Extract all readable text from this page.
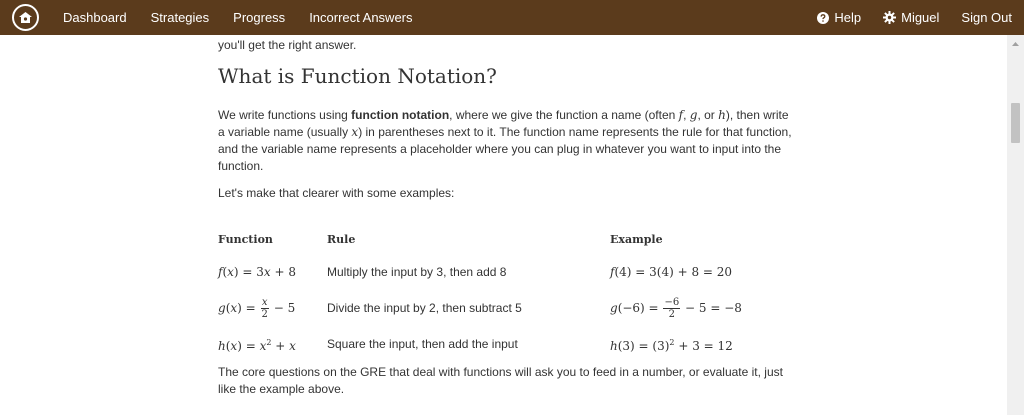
Dashboard Strategies Progress Incorrect Answers	Help	Miguel Sign Out
you'll get the right answer.
What is Function Notation?

We write functions using function notation, where we give the function a name (often f, g, or h), then write a variable name (usually x) in parentheses next to it. The function name represents the rule for that function, and the variable name represents a placeholder where you can plug in whatever you want to input into the function.

Let's make that clearer with some examples:

Function	Rule	Example
f(x) = 3x + 8	Multiply the input by 3, then add 8	f(4) = 3(4) + 8 = 20
$g(x) = \frac{x}{2} - 5$	Divide the input by 2, then subtract 5	$g(-6) = \frac{-6}{2} - 5 = -8$
$h(x) = x^2 + x$	Square the input, then add the input	$h(3) = (3)^2 + 3 = 12$

The core questions on the GRE that deal with functions will ask you to feed in a number, or evaluate it, just like the example above.
